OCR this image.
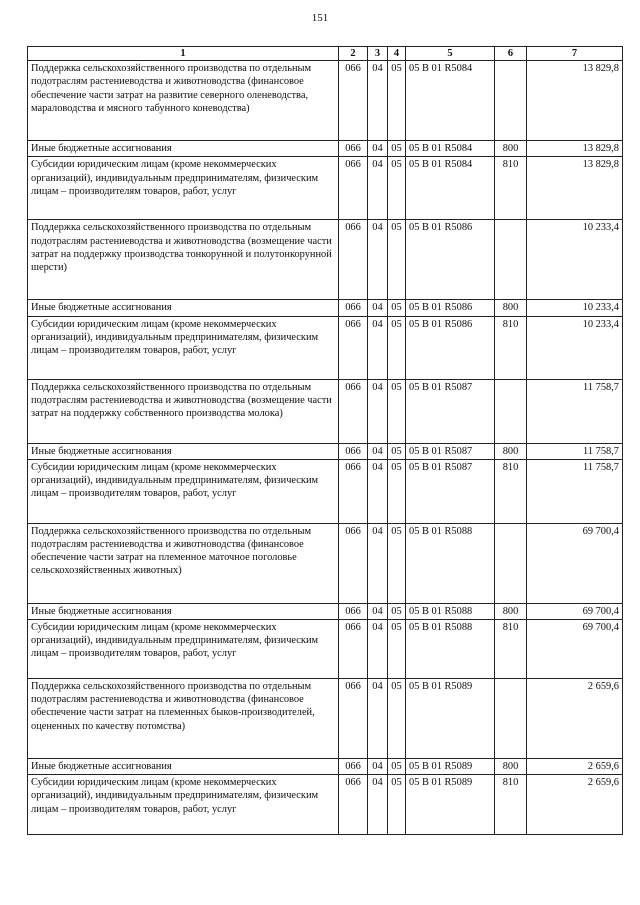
151
1	2	3	4	5	6	7
Поддержка сельскохозяйственного производства по отдельным подотраслям растениеводства и животноводства (финансовое обеспечение части затрат на развитие северного оленеводства, мараловодства и мясного табунного коневодства)	066	04	05	05 В 01 R5084		13 829,8
Иные бюджетные ассигнования	066	04	05	05 В 01 R5084	800	13 829,8
Субсидии юридическим лицам (кроме некоммерческих организаций), индивидуальным предпринимателям, физическим лицам – производителям товаров, работ, услуг	066	04	05	05 В 01 R5084	810	13 829,8
Поддержка сельскохозяйственного производства по отдельным подотраслям растениеводства и животноводства (возмещение части затрат на поддержку производства тонкорунной и полутонкорунной шерсти)	066	04	05	05 В 01 R5086		10 233,4
Иные бюджетные ассигнования	066	04	05	05 В 01 R5086	800	10 233,4
Субсидии юридическим лицам (кроме некоммерческих организаций), индивидуальным предпринимателям, физическим лицам – производителям товаров, работ, услуг	066	04	05	05 В 01 R5086	810	10 233,4
Поддержка сельскохозяйственного производства по отдельным подотраслям растениеводства и животноводства (возмещение части затрат на поддержку собственного производства молока)	066	04	05	05 В 01 R5087		11 758,7
Иные бюджетные ассигнования	066	04	05	05 В 01 R5087	800	11 758,7
Субсидии юридическим лицам (кроме некоммерческих организаций), индивидуальным предпринимателям, физическим лицам – производителям товаров, работ, услуг	066	04	05	05 В 01 R5087	810	11 758,7
Поддержка сельскохозяйственного производства по отдельным подотраслям растениеводства и животноводства (финансовое обеспечение части затрат на племенное маточное поголовье сельскохозяйственных животных)	066	04	05	05 В 01 R5088		69 700,4
Иные бюджетные ассигнования	066	04	05	05 В 01 R5088	800	69 700,4
Субсидии юридическим лицам (кроме некоммерческих организаций), индивидуальным предпринимателям, физическим лицам – производителям товаров, работ, услуг	066	04	05	05 В 01 R5088	810	69 700,4
Поддержка сельскохозяйственного производства по отдельным подотраслям растениеводства и животноводства (финансовое обеспечение части затрат на племенных быков-производителей, оцененных по качеству потомства)	066	04	05	05 В 01 R5089		2 659,6
Иные бюджетные ассигнования	066	04	05	05 В 01 R5089	800	2 659,6
Субсидии юридическим лицам (кроме некоммерческих организаций), индивидуальным предпринимателям, физическим лицам – производителям товаров, работ, услуг	066	04	05	05 В 01 R5089	810	2 659,6
